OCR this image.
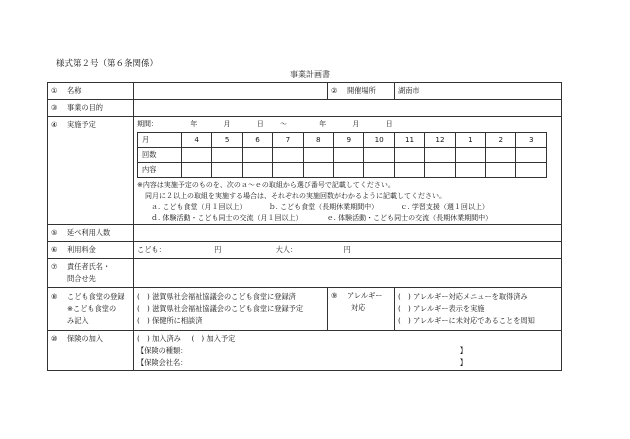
様式第２号（第６条関係）
事業計画書
① 名称		② 開催場所	湖南市
③ 事業の目的	
④ 実施予定	期間：	年	月	日 ～	年	月	日
月	4	5	6	7	8	9	10	11	12	1	2	3
回数												
内容												
※内容は実施予定のものを、次のａ～ｅの取組から選び番号で記載してください。
同月に２以上の取組を実施する場合は、それぞれの実施回数がわかるように記載してください。
ａ. こども食堂（月１回以上）	ｂ. こども食堂（長期休業期間中）	ｃ. 学習支援（週１回以上）
ｄ. 体験活動・こども同士の交流（月１回以上）	ｅ. 体験活動・こども同士の交流（長期休業期間中）

⑤ 延べ利用人数	
⑥ 利用料金	こども：	円	大人：	円

⑦ 責任者氏名・
問合せ先

⑧ こども食堂の登録
※こども食堂の
み記入

(　) 滋賀県社会福祉協議会のこども食堂に登録済
(　) 滋賀県社会福祉協議会のこども食堂に登録予定
(　) 保健所に相談済

⑨ アレルギー
対応

(　) アレルギー対応メニューを取得済み
(　) アレルギー表示を実施
(　) アレルギーに未対応であることを周知

⑩ 保険の加入	(　) 加入済み (　) 加入予定
【保険の種類：	】
【保険会社名：	】
